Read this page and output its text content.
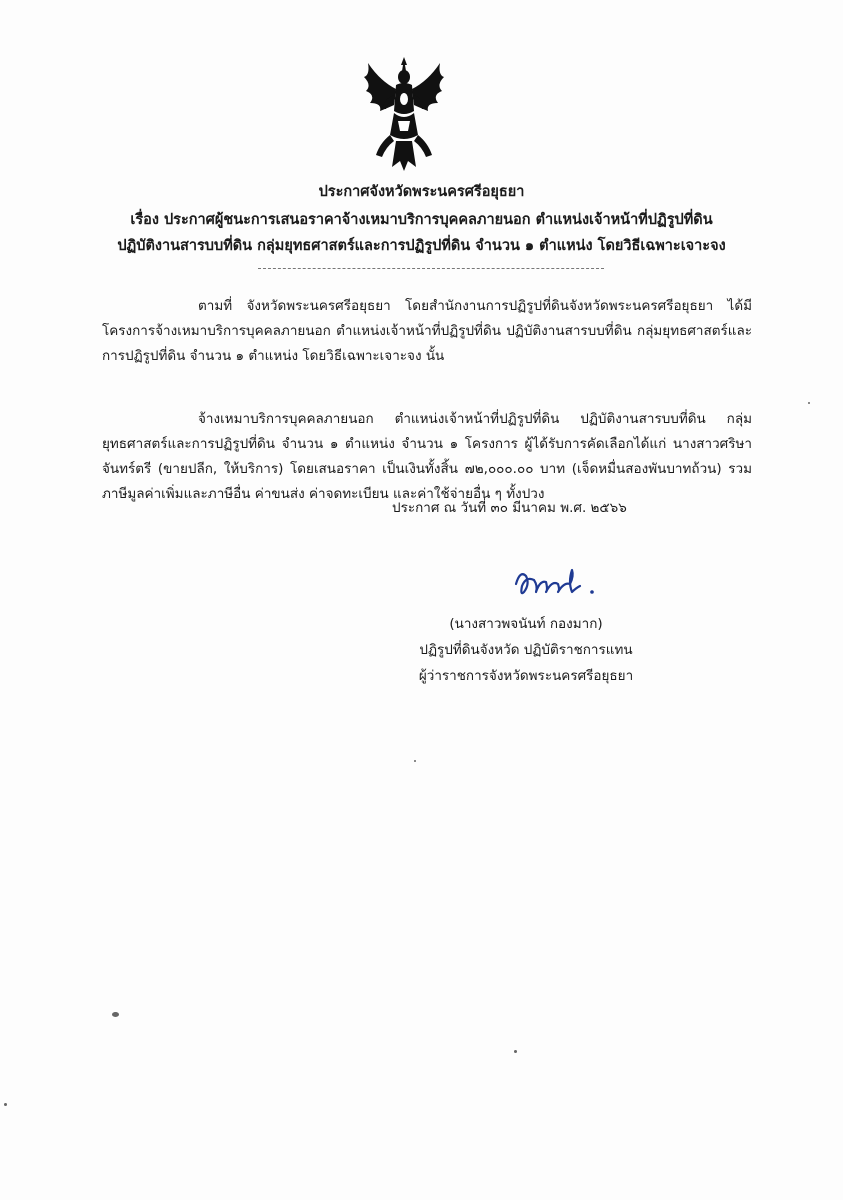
ประกาศจังหวัดพระนครศรีอยุธยา
เรื่อง ประกาศผู้ชนะการเสนอราคาจ้างเหมาบริการบุคคลภายนอก ตำแหน่งเจ้าหน้าที่ปฏิรูปที่ดิน
ปฏิบัติงานสารบบที่ดิน กลุ่มยุทธศาสตร์และการปฏิรูปที่ดิน จำนวน ๑ ตำแหน่ง โดยวิธีเฉพาะเจาะจง

ตามที่ จังหวัดพระนครศรีอยุธยา โดยสำนักงานการปฏิรูปที่ดินจังหวัดพระนครศรีอยุธยา ได้มีโครงการจ้างเหมาบริการบุคคลภายนอก ตำแหน่งเจ้าหน้าที่ปฏิรูปที่ดิน ปฏิบัติงานสารบบที่ดิน กลุ่มยุทธศาสตร์และการปฏิรูปที่ดิน จำนวน ๑ ตำแหน่ง โดยวิธีเฉพาะเจาะจง นั้น

จ้างเหมาบริการบุคคลภายนอก ตำแหน่งเจ้าหน้าที่ปฏิรูปที่ดิน ปฏิบัติงานสารบบที่ดิน กลุ่มยุทธศาสตร์และการปฏิรูปที่ดิน จำนวน ๑ ตำแหน่ง จำนวน ๑ โครงการ ผู้ได้รับการคัดเลือกได้แก่ นางสาวศริษา จันทร์ตรี (ขายปลีก, ให้บริการ) โดยเสนอราคา เป็นเงินทั้งสิ้น ๗๒,๐๐๐.๐๐ บาท (เจ็ดหมื่นสองพันบาทถ้วน) รวมภาษีมูลค่าเพิ่มและภาษีอื่น ค่าขนส่ง ค่าจดทะเบียน และค่าใช้จ่ายอื่น ๆ ทั้งปวง

ประกาศ ณ วันที่ ๓๐ มีนาคม พ.ศ. ๒๕๖๖
(นางสาวพจนันท์ กองมาก)
ปฏิรูปที่ดินจังหวัด ปฏิบัติราชการแทน
ผู้ว่าราชการจังหวัดพระนครศรีอยุธยา
